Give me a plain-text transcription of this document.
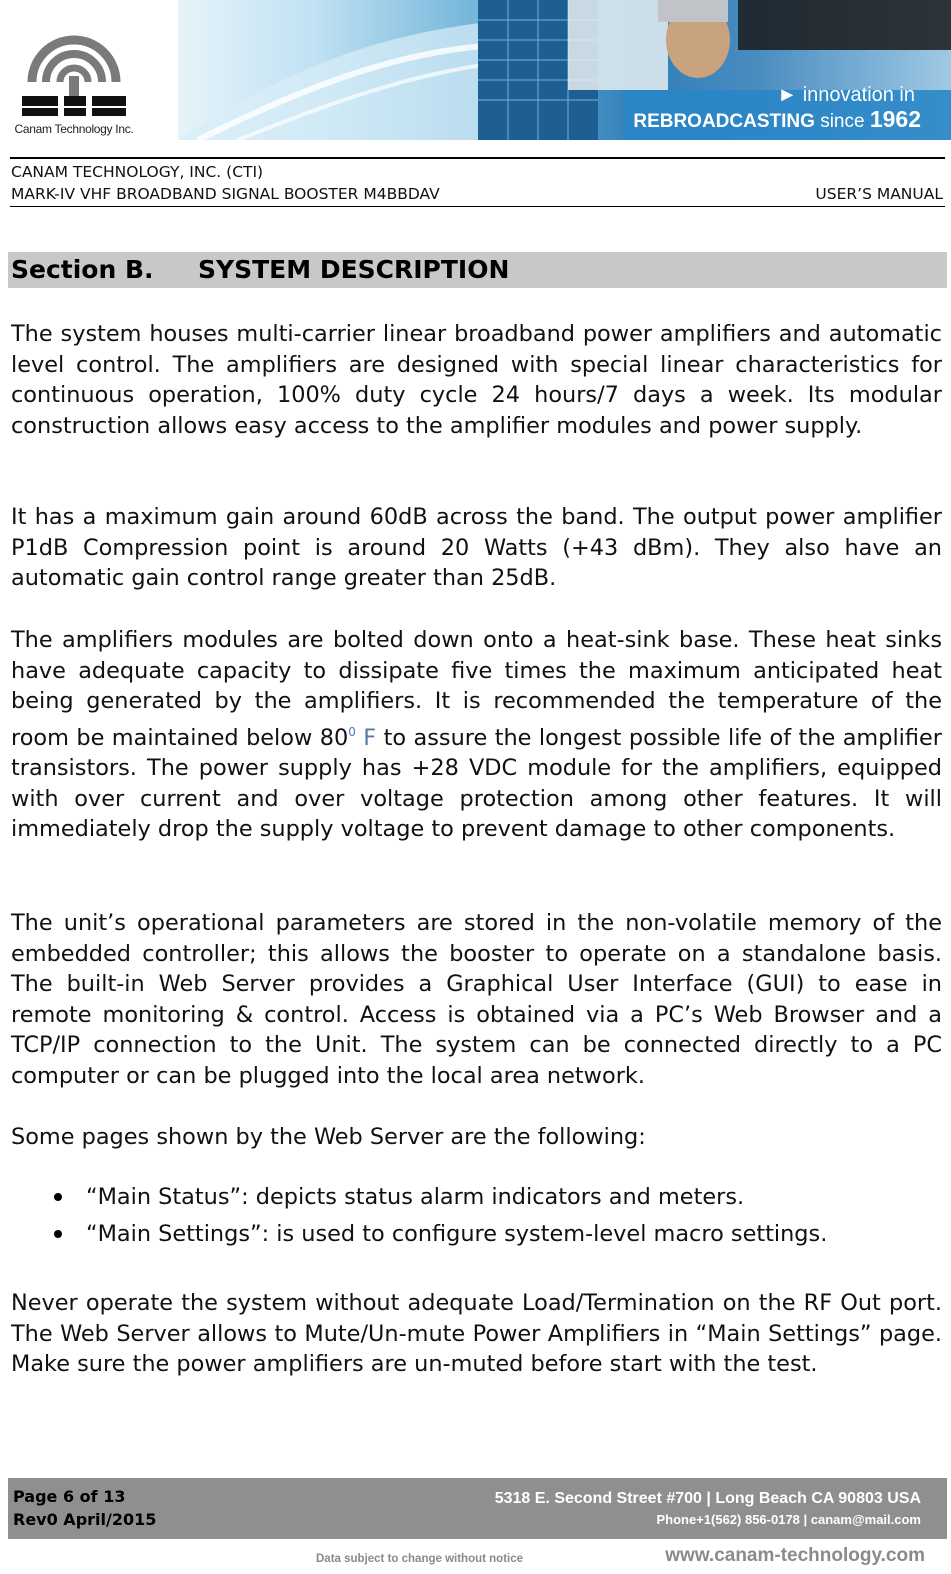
Canam Technology Inc.
► innovation in
REBROADCASTING since 1962
CANAM TECHNOLOGY, INC. (CTI)
MARK-IV VHF BROADBAND SIGNAL BOOSTER M4BBDAV	USER’S MANUAL
Section B. SYSTEM DESCRIPTION

The system houses multi-carrier linear broadband power amplifiers and automatic level control. The amplifiers are designed with special linear characteristics for continuous operation, 100% duty cycle 24 hours/7 days a week. Its modular construction allows easy access to the amplifier modules and power supply.

It has a maximum gain around 60dB across the band. The output power amplifier P1dB Compression point is around 20 Watts (+43 dBm). They also have an automatic gain control range greater than 25dB.

The amplifiers modules are bolted down onto a heat-sink base. These heat sinks have adequate capacity to dissipate five times the maximum anticipated heat being generated by the amplifiers. It is recommended the temperature of the room be maintained below $80^0$ F to assure the longest possible life of the amplifier transistors. The power supply has +28 VDC module for the amplifiers, equipped with over current and over voltage protection among other features. It will immediately drop the supply voltage to prevent damage to other components.

The unit’s operational parameters are stored in the non-volatile memory of the embedded controller; this allows the booster to operate on a standalone basis. The built-in Web Server provides a Graphical User Interface (GUI) to ease in remote monitoring & control. Access is obtained via a PC’s Web Browser and a TCP/IP connection to the Unit. The system can be connected directly to a PC computer or can be plugged into the local area network.

Some pages shown by the Web Server are the following:

“Main Status”: depicts status alarm indicators and meters.
“Main Settings”: is used to configure system-level macro settings.

Never operate the system without adequate Load/Termination on the RF Out port. The Web Server allows to Mute/Un-mute Power Amplifiers in “Main Settings” page. Make sure the power amplifiers are un-muted before start with the test.

Page 6 of 13
Rev0 April/2015
5318 E. Second Street #700 | Long Beach CA 90803 USA
Phone+1(562) 856-0178 | canam@mail.com
Data subject to change without notice	www.canam-technology.com
